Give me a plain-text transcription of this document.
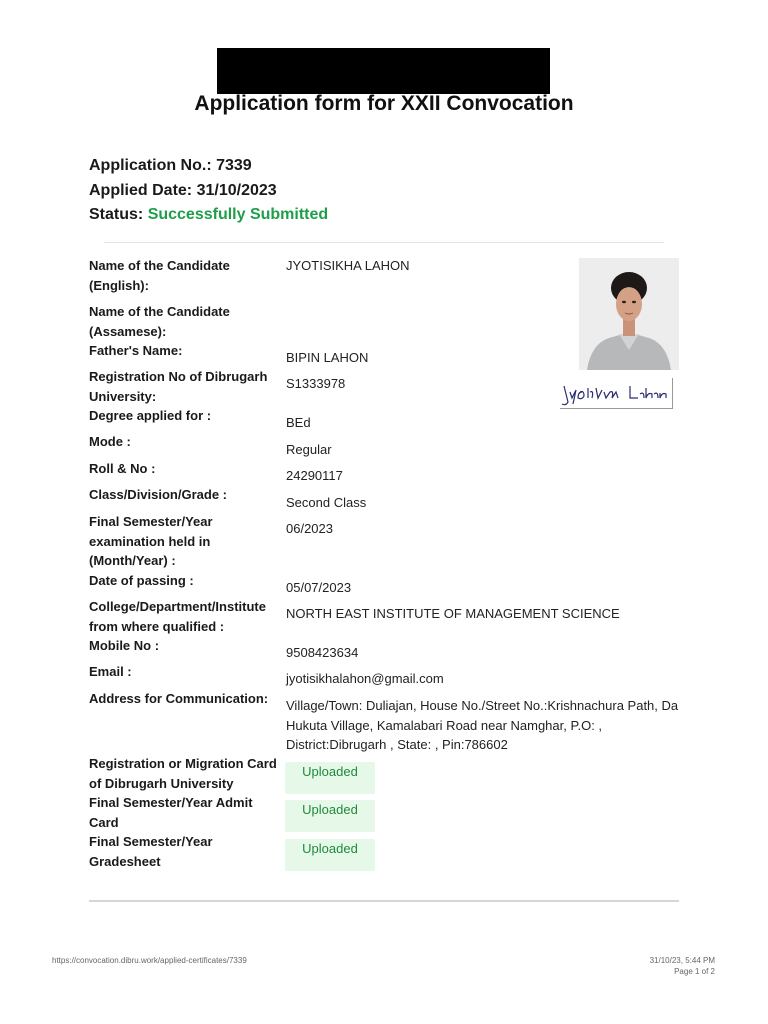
Application form for XXII Convocation
Application No.: 7339
Applied Date: 31/10/2023
Status: Successfully Submitted
Name of the Candidate (English):
Name of the Candidate (Assamese):
Father's Name:
Registration No of Dibrugarh University:
Degree applied for :
Mode :
Roll & No :
Class/Division/Grade :
Final Semester/Year examination held in (Month/Year) :
Date of passing :
College/Department/Institute from where qualified :
Mobile No :
Email :
Address for Communication:
Registration or Migration Card of Dibrugarh University
Final Semester/Year Admit Card
Final Semester/Year Gradesheet
JYOTISIKHA LAHON
BIPIN LAHON
S1333978
BEd
Regular
24290117
Second Class
06/2023
05/07/2023
NORTH EAST INSTITUTE OF MANAGEMENT SCIENCE
9508423634
jyotisikhalahon@gmail.com
Village/Town: Duliajan, House No./Street No.:Krishnachura Path, Da Hukuta Village, Kamalabari Road near Namghar, P.O: , District:Dibrugarh , State: , Pin:786602
Uploaded
Uploaded
Uploaded
https://convocation.dibru.work/applied-certificates/7339	31/10/23, 5:44 PM
Page 1 of 2
